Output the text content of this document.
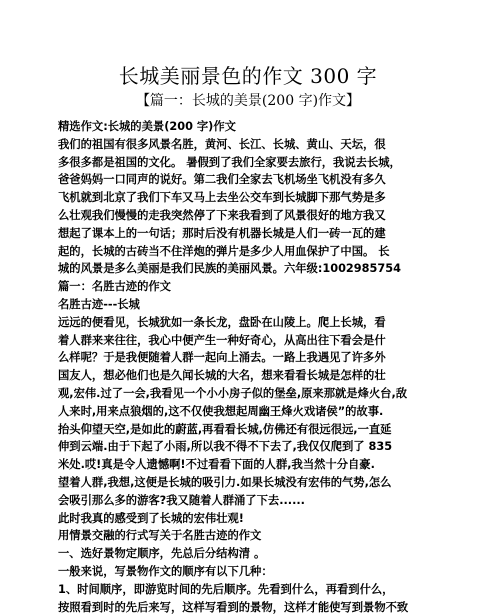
长城美丽景色的作文 300 字
【篇一：长城的美景(200 字)作文】
精选作文:长城的美景(200 字)作文
我们的祖国有很多风景名胜，黄河、长江、长城、黄山、天坛，很
多很多都是祖国的文化。 暑假到了我们全家要去旅行，我说去长城，
爸爸妈妈一口同声的说好。第二我们全家去飞机场坐飞机没有多久
飞机就到北京了我们下车又马上去坐公交车到长城脚下那气势是多
么壮观我们慢慢的走我突然停了下来我看到了风景很好的地方我又
想起了课本上的一句话；那时后没有机器长城是人们一砖一瓦的建
起的，长城的古砖当不住洋炮的弹片是多少人用血保护了中国。 长
城的风景是多么美丽是我们民族的美丽风景。六年级:1002985754
篇一：名胜古迹的作文
名胜古迹---长城
远远的便看见，长城犹如一条长龙，盘卧在山陵上。爬上长城，看
着人群来来往往，我心中便产生一种好奇心，从高出往下看会是什
么样呢？于是我便随着人群一起向上涌去。一路上我遇见了许多外
国友人，想必他们也是久闻长城的大名，想来看看长城是怎样的壮
观,宏伟.过了一会,我看见一个小小房子似的堡垒,原来那就是烽火台,敌
人来时,用来点狼烟的,这不仅使我想起周幽王烽火戏诸侯”的故事.
抬头仰望天空,是如此的蔚蓝,再看看长城,仿佛还有很远很远,一直延
伸到云端.由于下起了小雨,所以我不得不下去了,我仅仅爬到了 835
米处.哎!真是令人遗憾啊!不过看看下面的人群,我当然十分自豪.
望着人群,我想,这便是长城的吸引力.如果长城没有宏伟的气势,怎么
会吸引那么多的游客?我又随着人群涌了下去......
此时我真的感受到了长城的宏伟壮观!
用情景交融的行式写关于名胜古迹的作文
一、选好景物定顺序，先总后分结构清 。
一般来说，写景物作文的顺序有以下几种：
1、时间顺序，即游览时间的先后顺序。先看到什么，再看到什么，
按照看到时的先后来写，这样写看到的景物，这样才能使写到景物不致
